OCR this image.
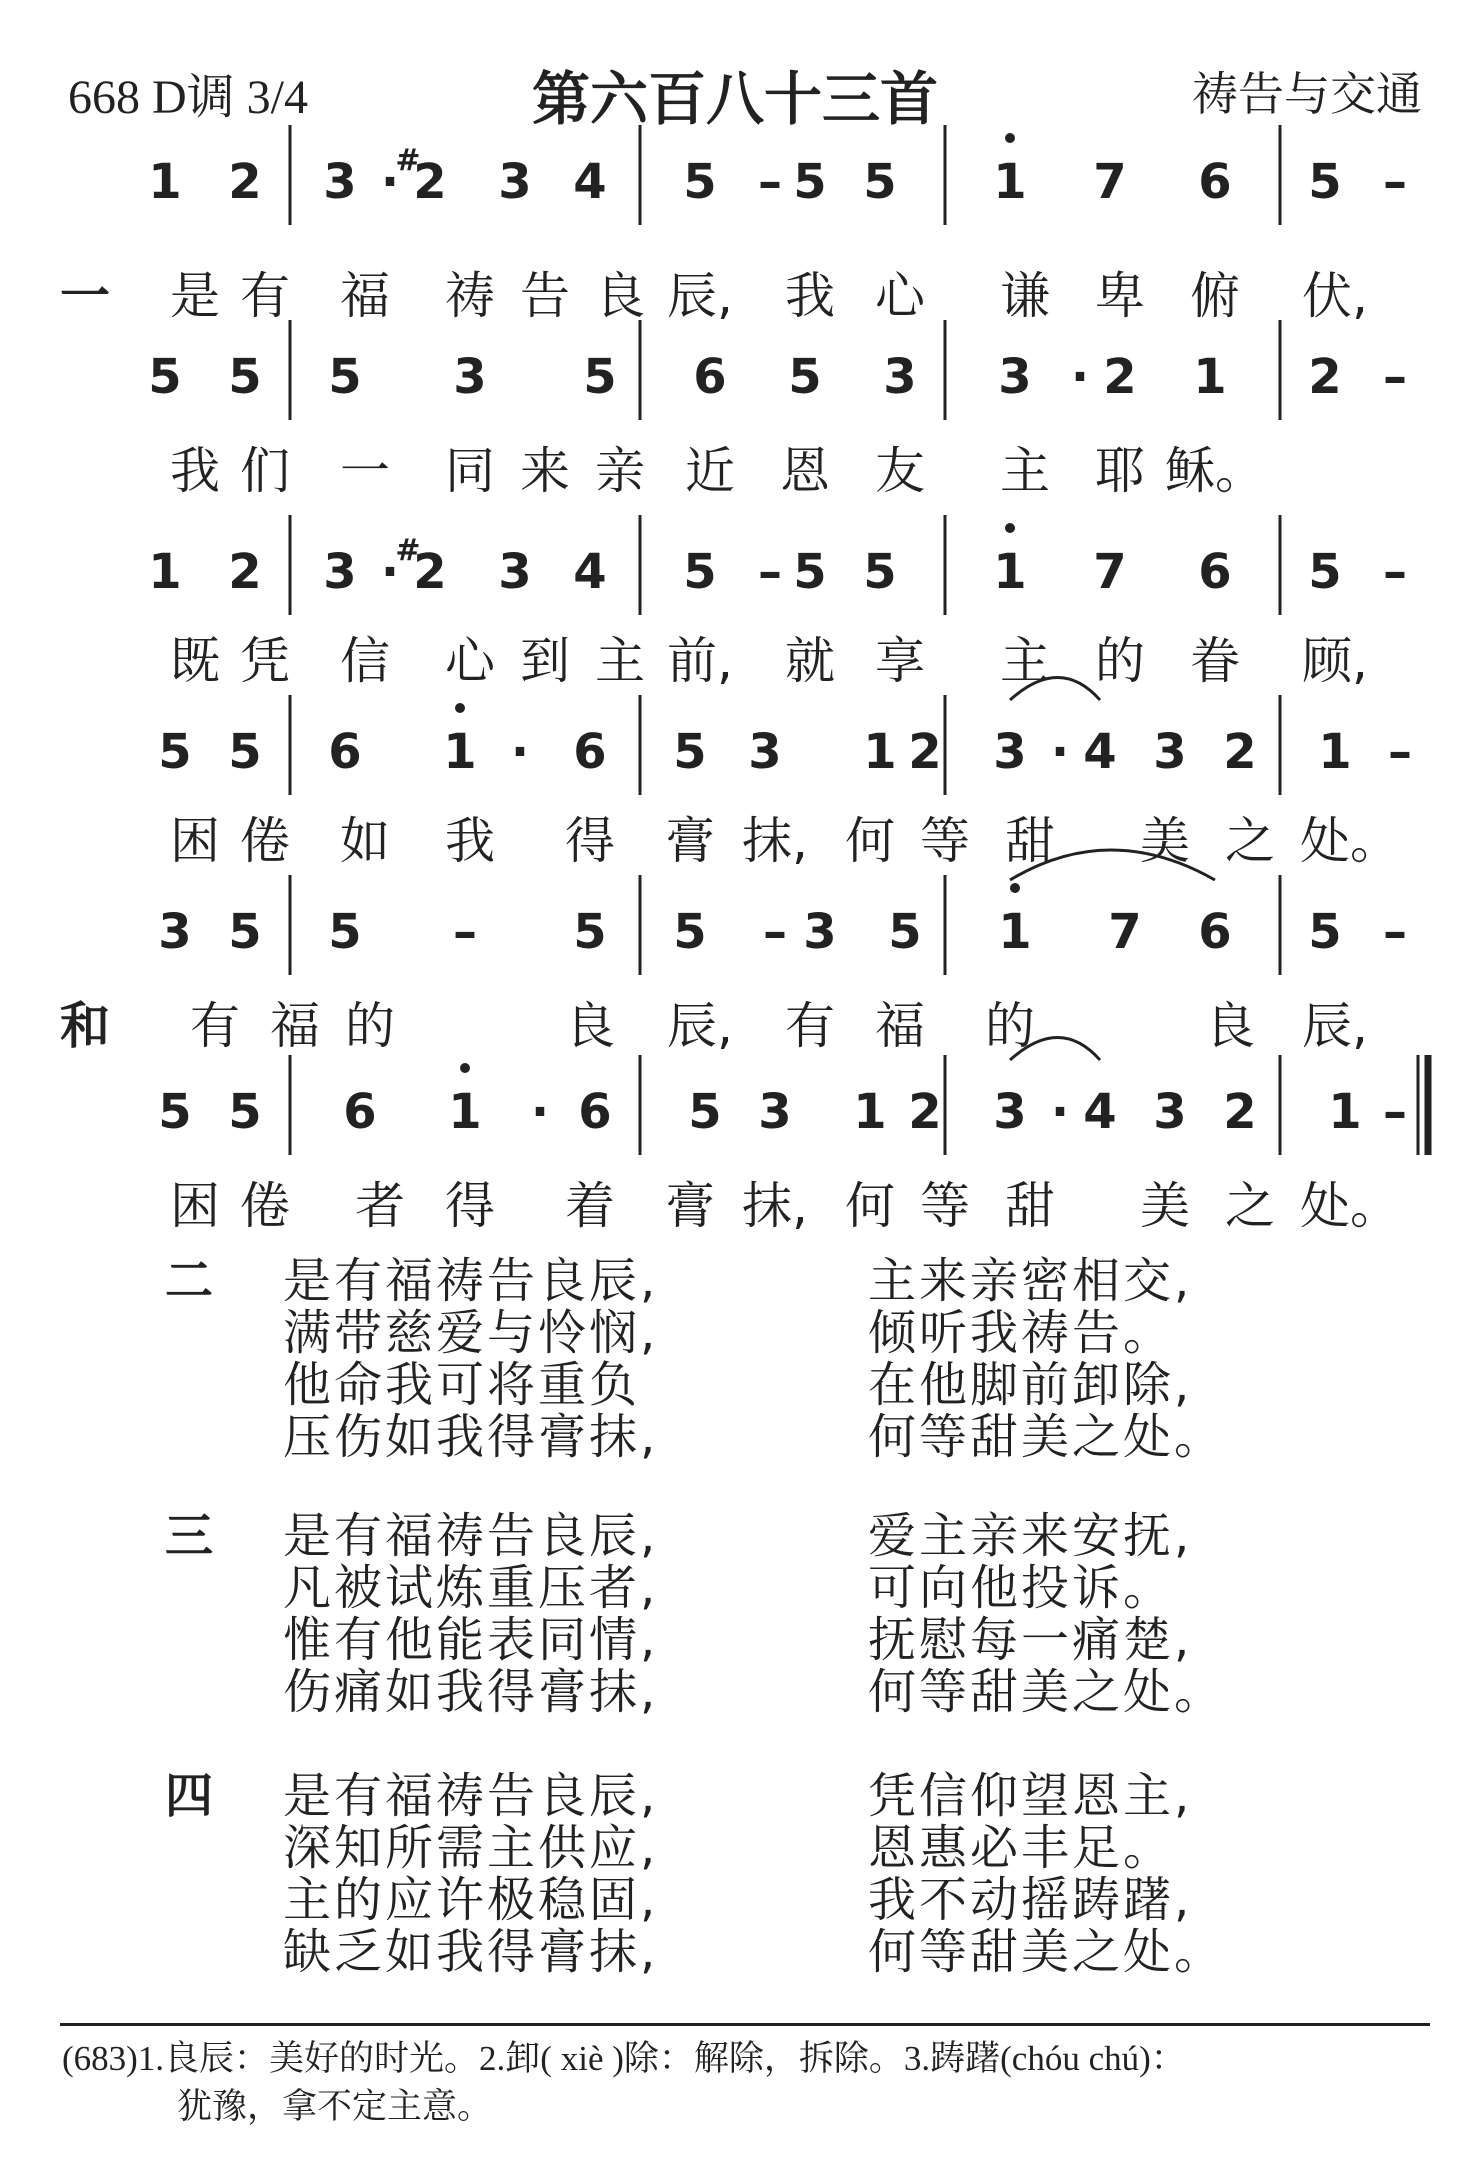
668 D调 3/4	第六百八十三首	祷告与交通
1 2 3 · 2
# 3 4 5 – 5 5 1 7 6 5 –
一 是 有 福 祷 告 良 辰, 我 心 谦 卑 俯 伏,
5 5 5 3 5 6 5 3 3 · 2 1 2 –
我 们 一 同 来 亲 近 恩 友 主 耶 稣。
1 2 3 · 2
# 3 4 5 – 5 5 1 7 6 5 –
既 凭 信 心 到 主 前, 就 享 主 的 眷 顾,
5 5 6 1 · 6 5 3 1 2 3 · 4 3 2 1 –
困 倦 如 我 得 膏 抹, 何 等 甜 美 之 处。
3 5 5 – 5 5 – 3 5 1 7 6 5 –
和 有 福 的	良 辰, 有 福 的	良 辰,
5 5 6 1 · 6 5 3 1 2 3 · 4 3 2 1 –
困 倦 者 得 着 膏 抹, 何 等 甜 美 之 处。
二 是有福祷告良辰,
满带慈爱与怜悯,
他命我可将重负
压伤如我得膏抹,
主来亲密相交,
倾听我祷告。
在他脚前卸除,
何等甜美之处。
三 是有福祷告良辰,
凡被试炼重压者,
惟有他能表同情,
伤痛如我得膏抹,
爱主亲来安抚,
可向他投诉。
抚慰每一痛楚,
何等甜美之处。
四 是有福祷告良辰,
深知所需主供应,
主的应许极稳固,
缺乏如我得膏抹,
凭信仰望恩主,
恩惠必丰足。
我不动摇踌躇,
何等甜美之处。
(683)1.良辰：美好的时光。2.卸( xiè )除：解除，拆除。3.踌躇(chóu chú)：
犹豫，拿不定主意。
